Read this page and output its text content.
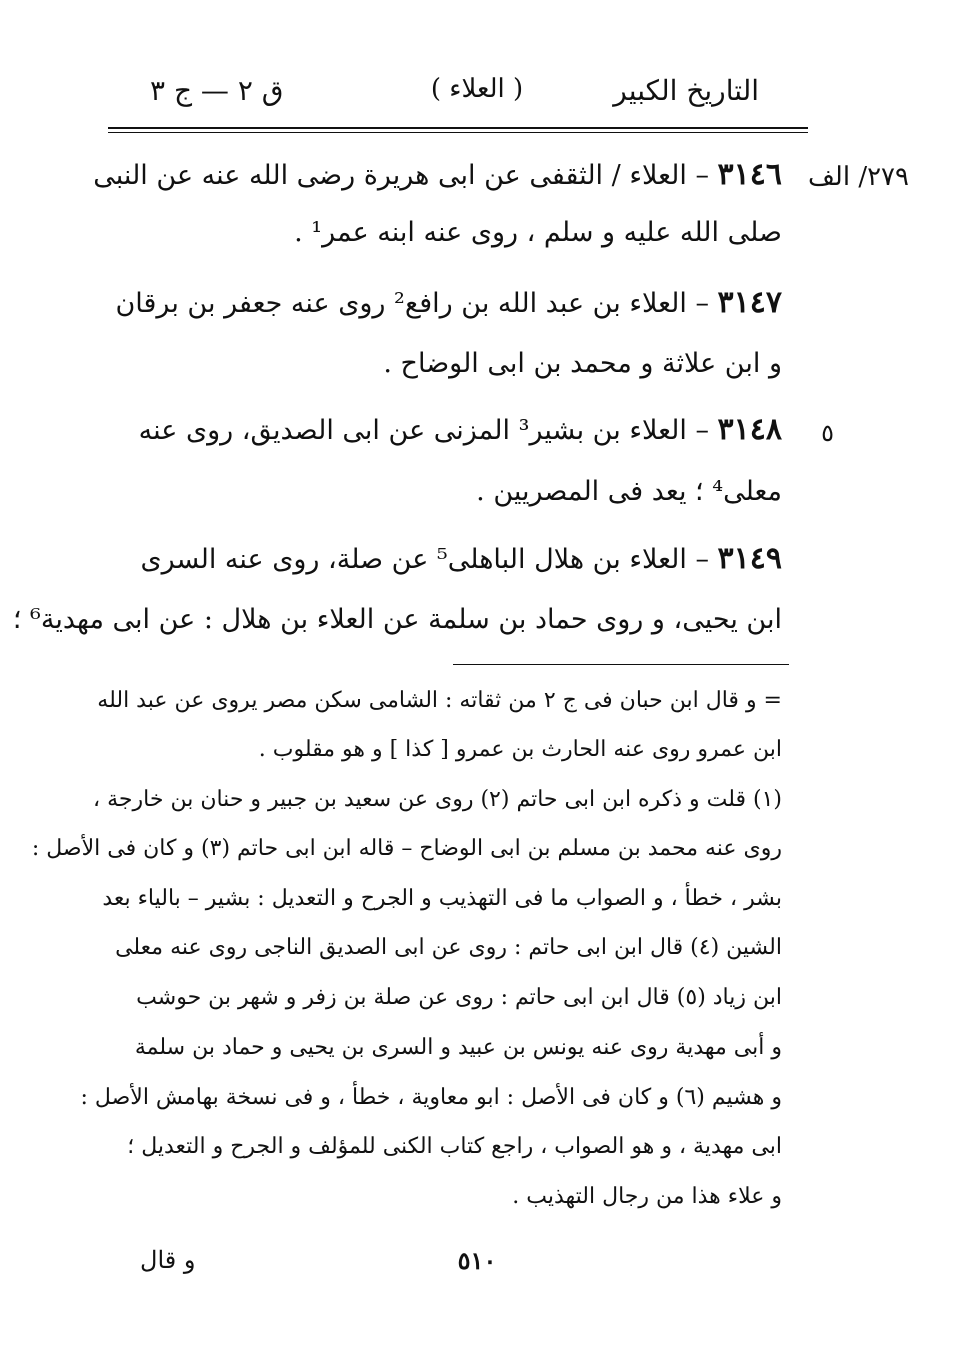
التاريخ الكبير
( العلاء )
ق ٢ — ج ٣
٢٧٩/ الف
٥
٣١٤٦ – العلاء / الثقفى عن ابى هريرة رضى الله عنه عن النبى
صلى الله عليه و سلم ، روى عنه ابنه عمر¹ .
٣١٤٧ – العلاء بن عبد الله بن رافع² روى عنه جعفر بن برقان
و ابن علاثة و محمد بن ابى الوضاح .
٣١٤٨ – العلاء بن بشير³ المزنى عن ابى الصديق، روى عنه
معلى⁴ ؛ يعد فى المصريين .
٣١٤٩ – العلاء بن هلال الباهلى⁵ عن صلة، روى عنه السرى
ابن يحيى، و روى حماد بن سلمة عن العلاء بن هلال : عن ابى مهدية⁶ ؛
= و قال ابن حبان فى ج ٢ من ثقاته : الشامى سكن مصر يروى عن عبد الله
ابن عمرو روى عنه الحارث بن عمرو [ كذا ] و هو مقلوب .
(١) قلت و ذكره ابن ابى حاتم (٢) روى عن سعيد بن جبير و حنان بن خارجة ،
روى عنه محمد بن مسلم بن ابى الوضاح – قاله ابن ابى حاتم (٣) و كان فى الأصل :
بشر ، خطأ ، و الصواب ما فى التهذيب و الجرح و التعديل : بشير – بالياء بعد
الشين (٤) قال ابن ابى حاتم : روى عن ابى الصديق الناجى روى عنه معلى
ابن زياد (٥) قال ابن ابى حاتم : روى عن صلة بن زفر و شهر بن حوشب
و أبى مهدية روى عنه يونس بن عبيد و السرى بن يحيى و حماد بن سلمة
و هشيم (٦) و كان فى الأصل : ابو معاوية ، خطأ ، و فى نسخة بهامش الأصل :
ابى مهدية ، و هو الصواب ، راجع كتاب الكنى للمؤلف و الجرح و التعديل ؛
و علاء هذا من رجال التهذيب .
٥١٠
و قال
